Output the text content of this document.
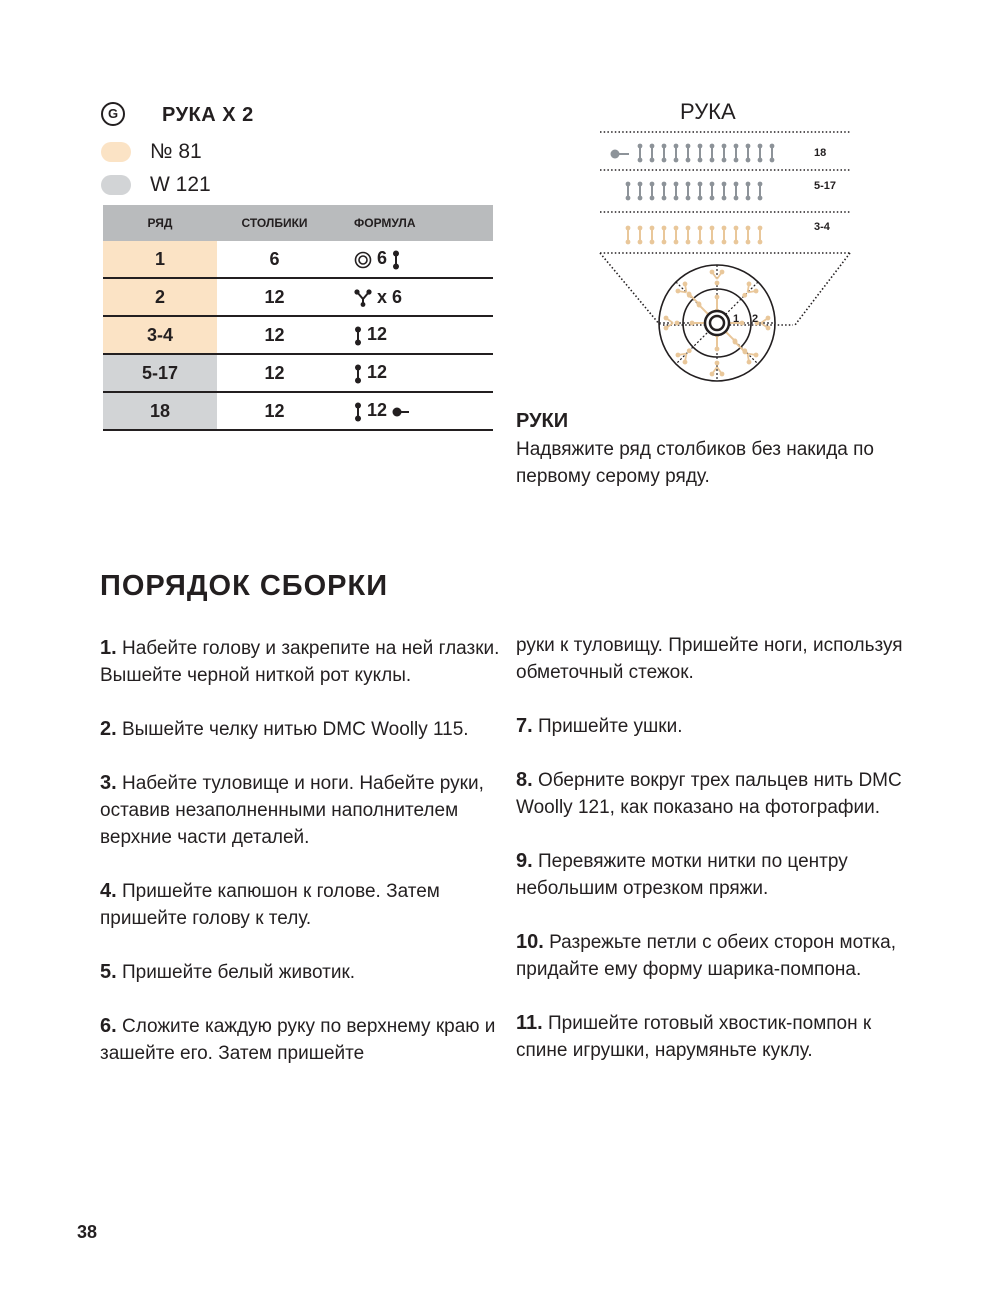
G РУКА X 2
№ 81
W 121
РЯД	СТОЛБИКИ	ФОРМУЛА
1	6	6
2	12	x 6
3-4	12	12
5-17	12	12
18	12	12
РУКА
18
5-17
3-4
1 2
РУКИ
Надвяжите ряд столбиков без накида по первому серому ряду.
ПОРЯДОК СБОРКИ

1. Набейте голову и закрепите на ней глазки. Вышейте черной ниткой рот куклы.

2. Вышейте челку нитью DMC Woolly 115.

3. Набейте туловище и ноги. Набейте руки, оставив незаполненными наполнителем верхние части деталей.

4. Пришейте капюшон к голове. Затем пришейте голову к телу.

5. Пришейте белый животик.

6. Сложите каждую руку по верхнему краю и зашейте его. Затем пришейте

руки к туловищу. Пришейте ноги, используя обметочный стежок.

7. Пришейте ушки.

8. Оберните вокруг трех пальцев нить DMC Woolly 121, как показано на фотографии.

9. Перевяжите мотки нитки по центру небольшим отрезком пряжи.

10. Разрежьте петли с обеих сторон мотка, придайте ему форму шарика-помпона.

11. Пришейте готовый хвостик-помпон к спине игрушки, нарумяньте куклу.

38
